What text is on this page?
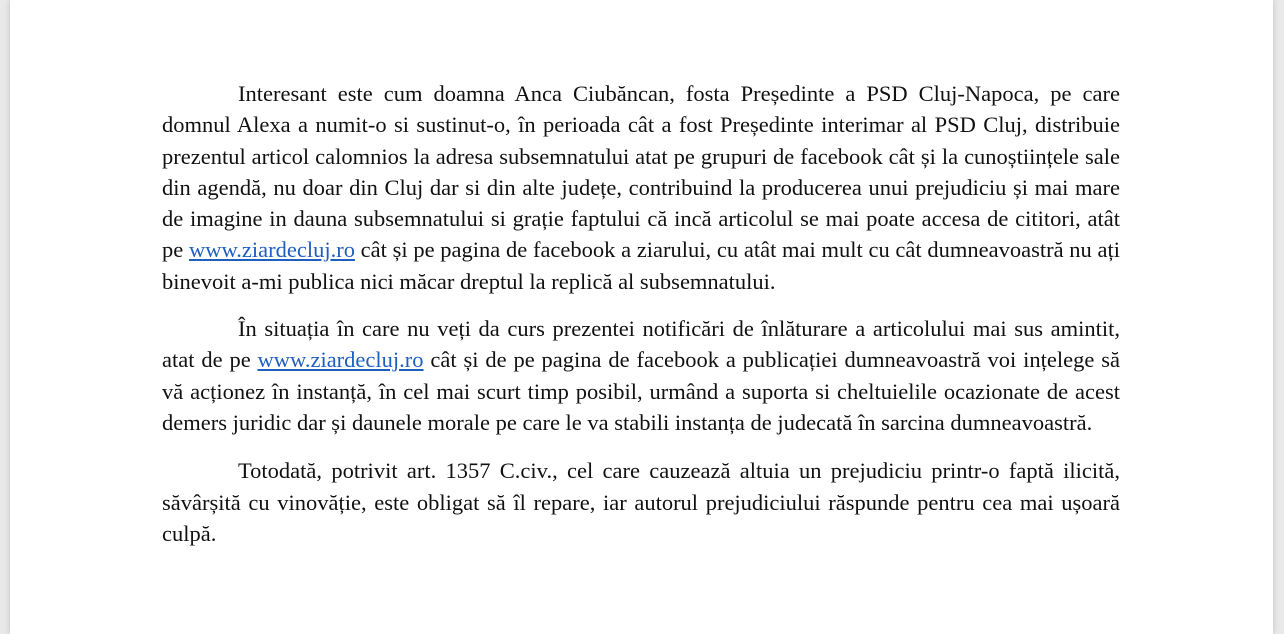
Interesant este cum doamna Anca Ciubăncan, fosta Președinte a PSD Cluj-Napoca, pe care domnul Alexa a numit-o si sustinut-o, în perioada cât a fost Președinte interimar al PSD Cluj, distribuie prezentul articol calomnios la adresa subsemnatului atat pe grupuri de facebook cât și la cunoștiințele sale din agendă, nu doar din Cluj dar si din alte județe, contribuind la producerea unui prejudiciu și mai mare de imagine in dauna subsemnatului si grație faptului că incă articolul se mai poate accesa de cititori, atât pe www.ziardecluj.ro cât și pe pagina de facebook a ziarului, cu atât mai mult cu cât dumneavoastră nu ați binevoit a-mi publica nici măcar dreptul la replică al subsemnatului.

În situația în care nu veți da curs prezentei notificări de înlăturare a articolului mai sus amintit, atat de pe www.ziardecluj.ro cât și de pe pagina de facebook a publicației dumneavoastră voi ințelege să vă acționez în instanță, în cel mai scurt timp posibil, urmând a suporta si cheltuielile ocazionate de acest demers juridic dar și daunele morale pe care le va stabili instanța de judecată în sarcina dumneavoastră.

Totodată, potrivit art. 1357 C.civ., cel care cauzează altuia un prejudiciu printr-o faptă ilicită, săvârșită cu vinovăție, este obligat să îl repare, iar autorul prejudiciului răspunde pentru cea mai ușoară culpă.
